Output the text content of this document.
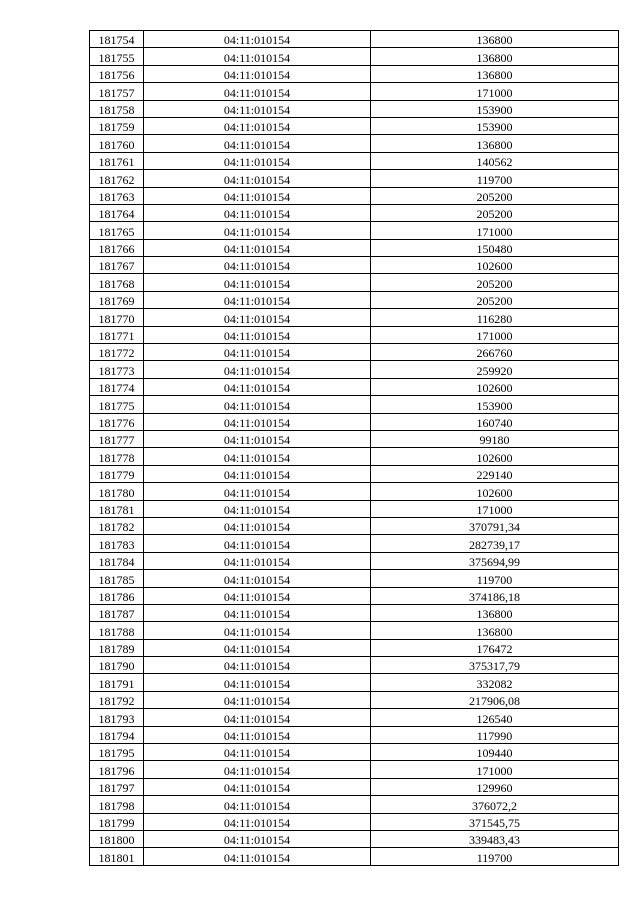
181754	04:11:010154	136800
181755	04:11:010154	136800
181756	04:11:010154	136800
181757	04:11:010154	171000
181758	04:11:010154	153900
181759	04:11:010154	153900
181760	04:11:010154	136800
181761	04:11:010154	140562
181762	04:11:010154	119700
181763	04:11:010154	205200
181764	04:11:010154	205200
181765	04:11:010154	171000
181766	04:11:010154	150480
181767	04:11:010154	102600
181768	04:11:010154	205200
181769	04:11:010154	205200
181770	04:11:010154	116280
181771	04:11:010154	171000
181772	04:11:010154	266760
181773	04:11:010154	259920
181774	04:11:010154	102600
181775	04:11:010154	153900
181776	04:11:010154	160740
181777	04:11:010154	99180
181778	04:11:010154	102600
181779	04:11:010154	229140
181780	04:11:010154	102600
181781	04:11:010154	171000
181782	04:11:010154	370791,34
181783	04:11:010154	282739,17
181784	04:11:010154	375694,99
181785	04:11:010154	119700
181786	04:11:010154	374186,18
181787	04:11:010154	136800
181788	04:11:010154	136800
181789	04:11:010154	176472
181790	04:11:010154	375317,79
181791	04:11:010154	332082
181792	04:11:010154	217906,08
181793	04:11:010154	126540
181794	04:11:010154	117990
181795	04:11:010154	109440
181796	04:11:010154	171000
181797	04:11:010154	129960
181798	04:11:010154	376072,2
181799	04:11:010154	371545,75
181800	04:11:010154	339483,43
181801	04:11:010154	119700
